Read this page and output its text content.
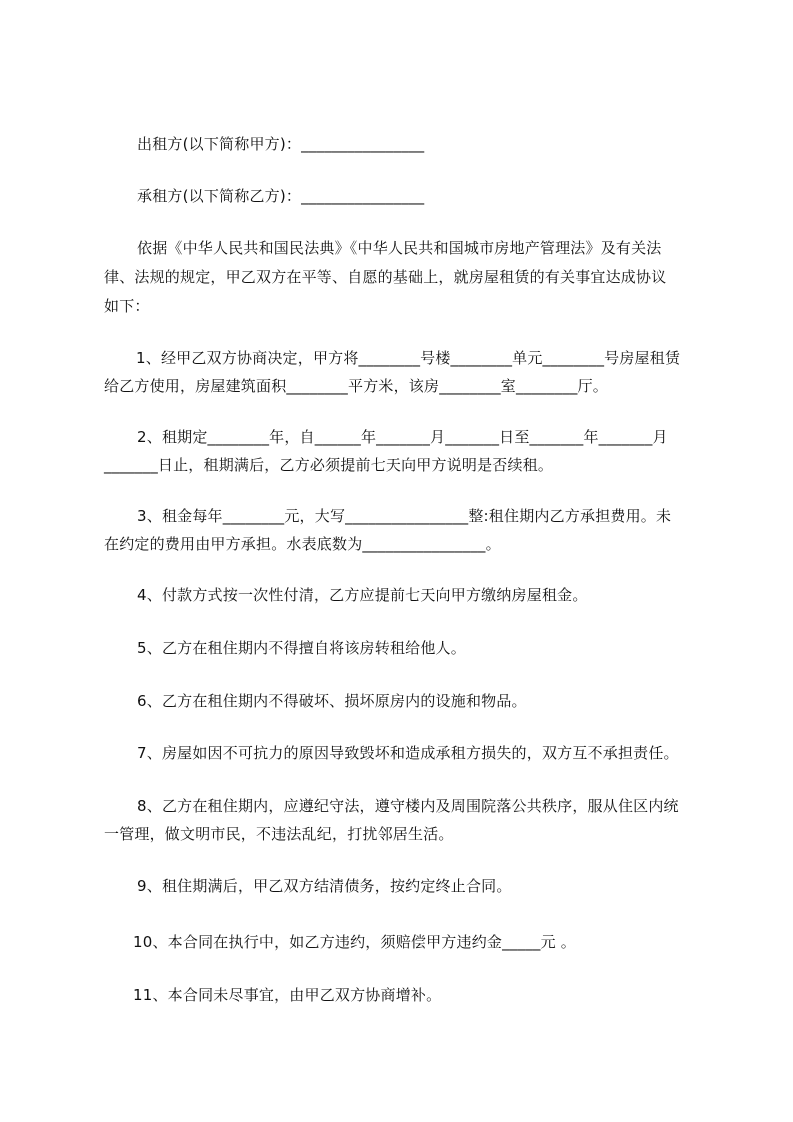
出租方(以下简称甲方)：________________
承租方(以下简称乙方)：________________
依据《中华人民共和国民法典》《中华人民共和国城市房地产管理法》及有关法
律、法规的规定，甲乙双方在平等、自愿的基础上，就房屋租赁的有关事宜达成协议
如下：
1、经甲乙双方协商决定，甲方将________号楼________单元________号房屋租赁
给乙方使用，房屋建筑面积________平方米，该房________室________厅。
2、租期定________年，自______年_______月_______日至_______年_______月
_______日止，租期满后，乙方必须提前七天向甲方说明是否续租。
3、租金每年________元，大写________________整:租住期内乙方承担费用。未
在约定的费用由甲方承担。水表底数为________________。
4、付款方式按一次性付清，乙方应提前七天向甲方缴纳房屋租金。
5、乙方在租住期内不得擅自将该房转租给他人。
6、乙方在租住期内不得破坏、损坏原房内的设施和物品。
7、房屋如因不可抗力的原因导致毁坏和造成承租方损失的，双方互不承担责任。
8、乙方在租住期内，应遵纪守法，遵守楼内及周围院落公共秩序，服从住区内统
一管理，做文明市民，不违法乱纪，打扰邻居生活。
9、租住期满后，甲乙双方结清债务，按约定终止合同。
10、本合同在执行中，如乙方违约，须赔偿甲方违约金_____元 。
11、本合同未尽事宜，由甲乙双方协商增补。
